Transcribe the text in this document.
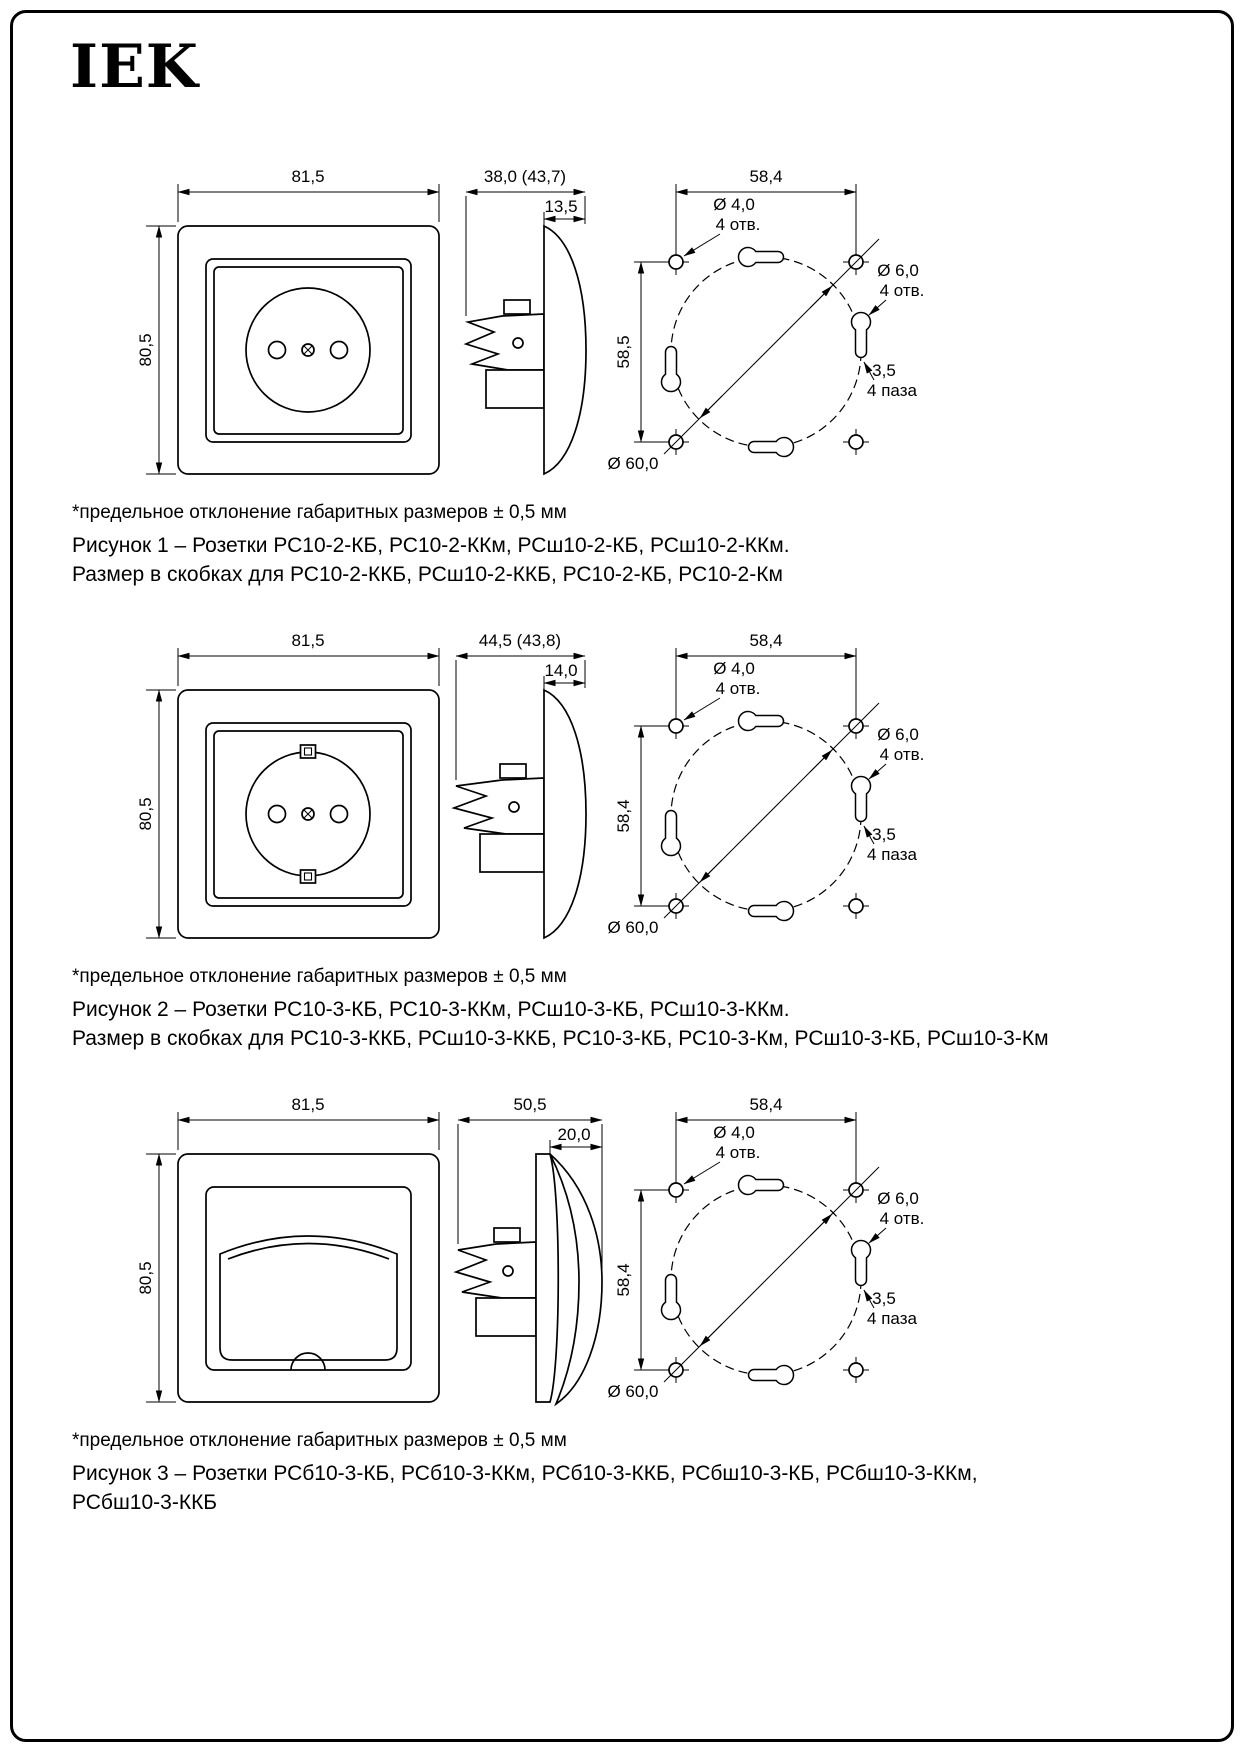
IEK
81,5
80,5
38,0 (43,7)
13,5
58,4
58,5
Ø 60,0
Ø 4,0
4 отв.
Ø 6,0
4 отв.
3,5
4 паза
*предельное отклонение габаритных размеров ± 0,5 мм
Рисунок 1 – Розетки РС10-2-КБ, РС10-2-ККм, РСш10-2-КБ, РСш10-2-ККм.
Размер в скобках для РС10-2-ККБ, РСш10-2-ККБ, РС10-2-КБ, РС10-2-Км
81,5
80,5
44,5 (43,8)
14,0
58,4
58,4
Ø 60,0
Ø 4,0
4 отв.
Ø 6,0
4 отв.
3,5
4 паза
*предельное отклонение габаритных размеров ± 0,5 мм
Рисунок 2 – Розетки РС10-3-КБ, РС10-3-ККм, РСш10-3-КБ, РСш10-3-ККм.
Размер в скобках для РС10-3-ККБ, РСш10-3-ККБ, РС10-3-КБ, РС10-3-Км, РСш10-3-КБ, РСш10-3-Км
81,5
80,5
50,5
20,0
58,4
58,4
Ø 60,0
Ø 4,0
4 отв.
Ø 6,0
4 отв.
3,5
4 паза
*предельное отклонение габаритных размеров ± 0,5 мм
Рисунок 3 – Розетки РСб10-3-КБ, РСб10-3-ККм, РСб10-3-ККБ, РСбш10-3-КБ, РСбш10-3-ККм,
РСбш10-3-ККБ
